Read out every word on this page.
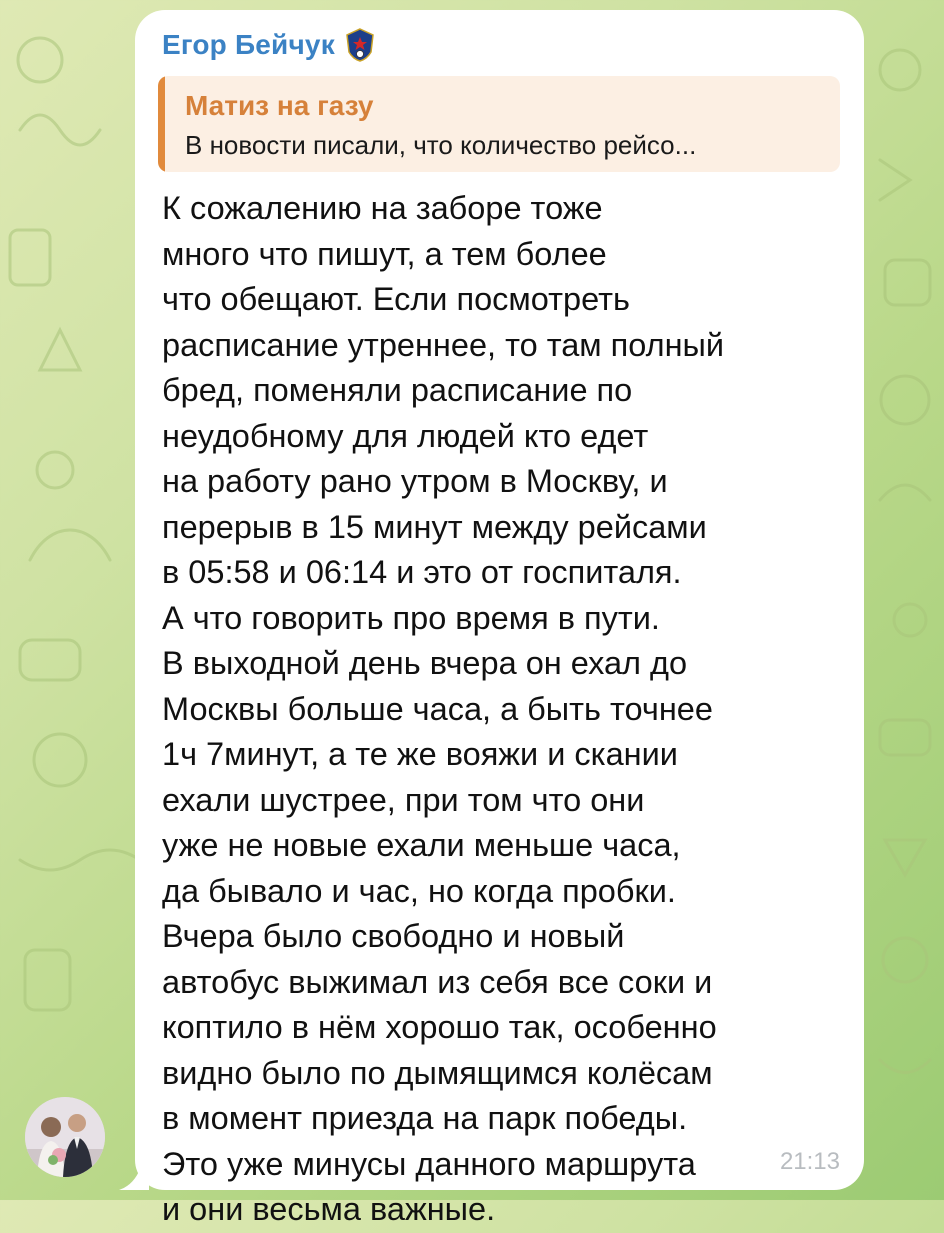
Егор Бейчук
Матиз на газу
В новости писали, что количество рейсо...
К сожалению на заборе тоже
много что пишут, а тем более
что обещают. Если посмотреть
расписание утреннее, то там полный
бред, поменяли расписание по
неудобному для людей кто едет
на работу рано утром в Москву, и
перерыв в 15 минут между рейсами
в 05:58 и 06:14 и это от госпиталя.
А что говорить про время в пути.
В выходной день вчера он ехал до
Москвы больше часа, а быть точнее
1ч 7минут, а те же вояжи и скании
ехали шустрее, при том что они
уже не новые ехали меньше часа,
да бывало и час, но когда пробки.
Вчера было свободно и новый
автобус выжимал из себя все соки и
коптило в нём хорошо так, особенно
видно было по дымящимся колёсам
в момент приезда на парк победы.
Это уже минусы данного маршрута
и они весьма важные.
21:13
